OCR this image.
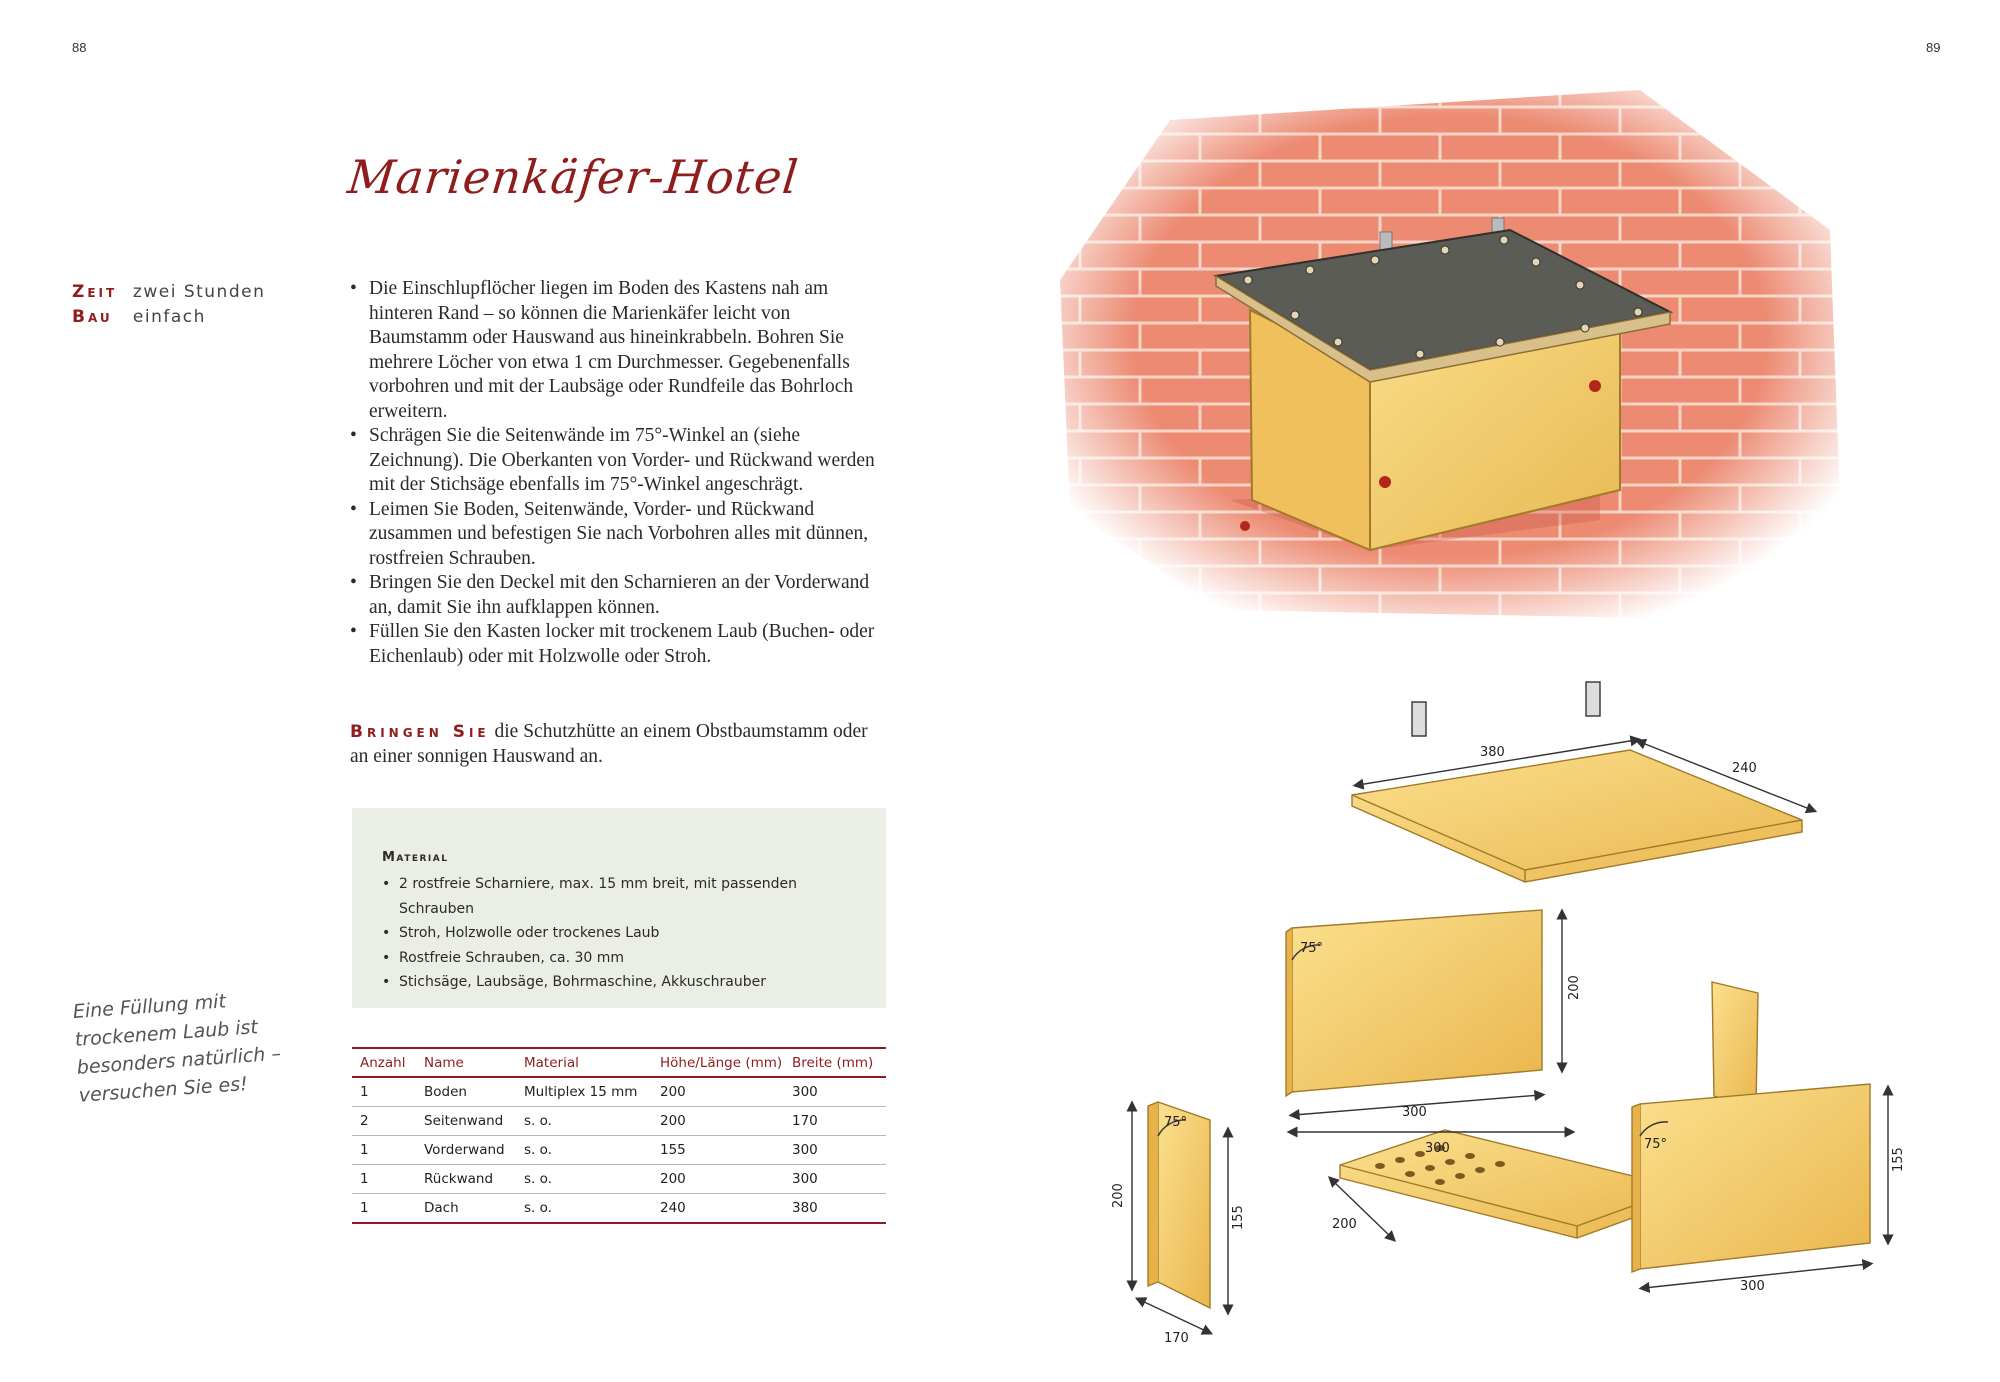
88	89
Marienkäfer-Hotel
Zeit zwei Stunden
Bau einfach
• Die Einschlupflöcher liegen im Boden des Kastens nah am hinteren Rand – so können die Marienkäfer leicht von Baumstamm oder Hauswand aus hineinkrabbeln. Bohren Sie mehrere Löcher von etwa 1 cm Durchmesser. Gegebenenfalls vorbohren und mit der Laubsäge oder Rundfeile das Bohrloch erweitern.
• Schrägen Sie die Seitenwände im 75°-Winkel an (siehe Zeichnung). Die Oberkanten von Vorder- und Rückwand werden mit der Stichsäge ebenfalls im 75°-Winkel angeschrägt.
• Leimen Sie Boden, Seitenwände, Vorder- und Rückwand zusammen und befestigen Sie nach Vorbohren alles mit dünnen, rostfreien Schrauben.
• Bringen Sie den Deckel mit den Scharnieren an der Vorderwand an, damit Sie ihn aufklappen können.
• Füllen Sie den Kasten locker mit trockenem Laub (Buchen- oder Eichenlaub) oder mit Holzwolle oder Stroh.
Bringen Sie die Schutzhütte an einem Obstbaumstamm oder an einer sonnigen Hauswand an.
Material
• 2 rostfreie Scharniere, max. 15 mm breit, mit passenden Schrauben
• Stroh, Holzwolle oder trockenes Laub
• Rostfreie Schrauben, ca. 30 mm
• Stichsäge, Laubsäge, Bohrmaschine, Akkuschrauber
Eine Füllung mit trockenem Laub ist besonders natürlich – versuchen Sie es!
Anzahl	Name	Material	Höhe/Länge (mm)	Breite (mm)
1	Boden	Multiplex 15 mm	200	300
2	Seitenwand	s. o.	200	170
1	Vorderwand	s. o.	155	300
1	Rückwand	s. o.	200	300
1	Dach	s. o.	240	380
380
240
200
75°
300
300
200
75°
200
155
170
75°
155
300
